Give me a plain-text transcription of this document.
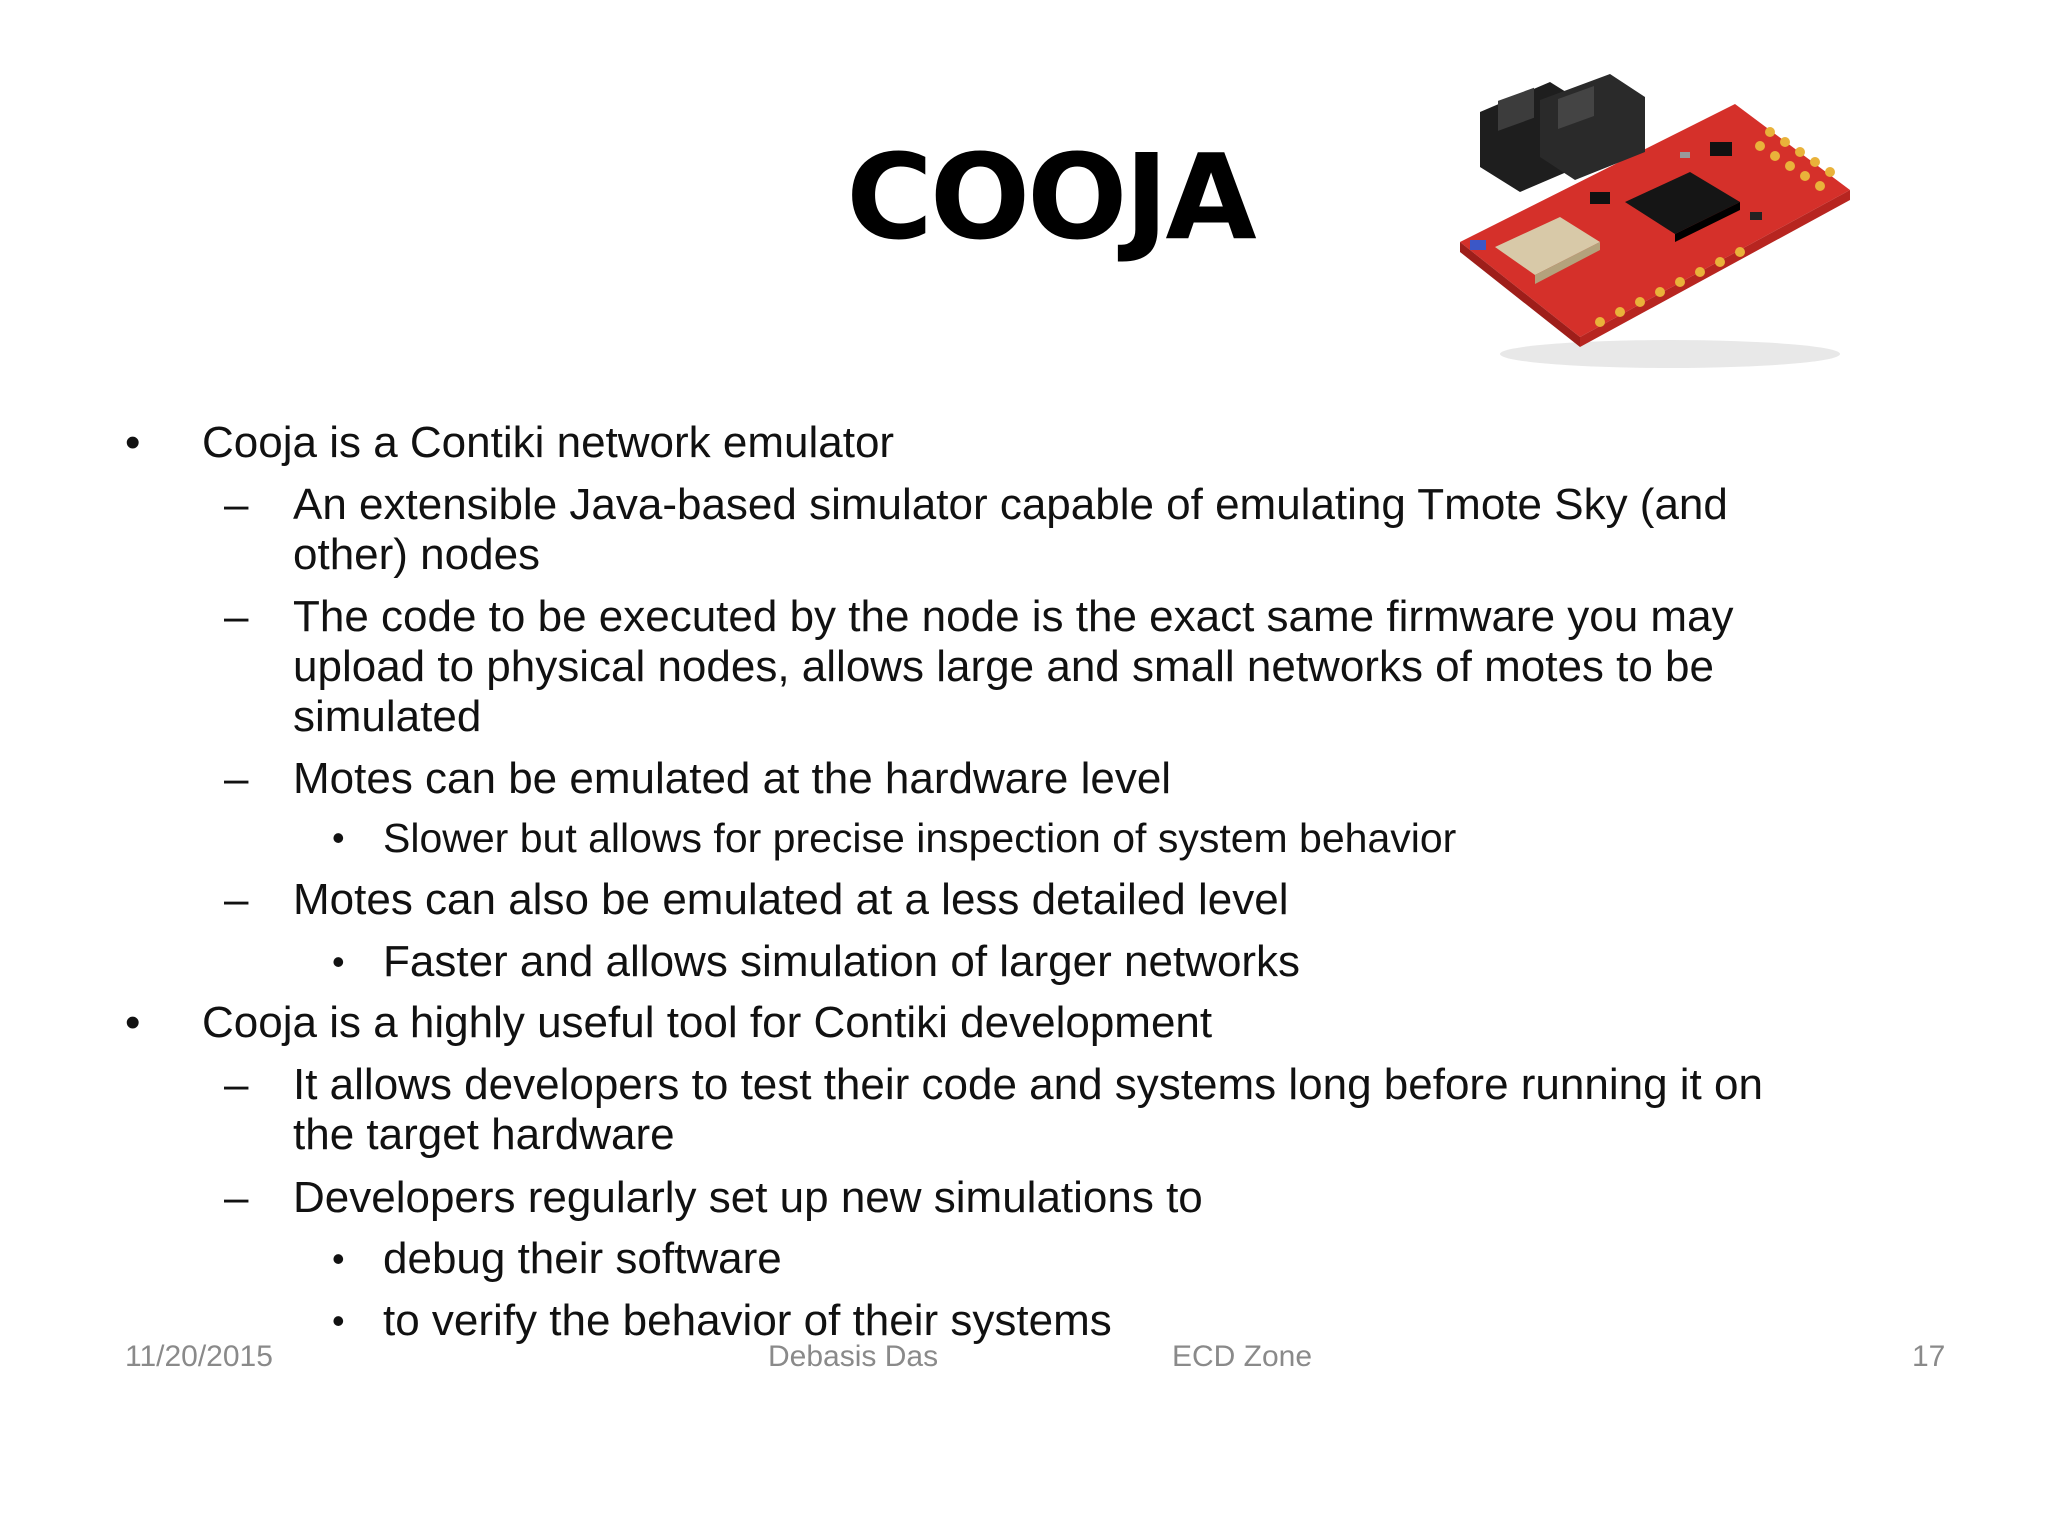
COOJA
• Cooja is a Contiki network emulator
– An extensible Java-based simulator capable of emulating Tmote Sky (and
other) nodes
– The code to be executed by the node is the exact same firmware you may
upload to physical nodes, allows large and small networks of motes to be
simulated
– Motes can be emulated at the hardware level
• Slower but allows for precise inspection of system behavior
– Motes can also be emulated at a less detailed level
• Faster and allows simulation of larger networks
• Cooja is a highly useful tool for Contiki development
– It allows developers to test their code and systems long before running it on
the target hardware
– Developers regularly set up new simulations to
• debug their software
• to verify the behavior of their systems
11/20/2015	Debasis Das	ECD Zone	17
